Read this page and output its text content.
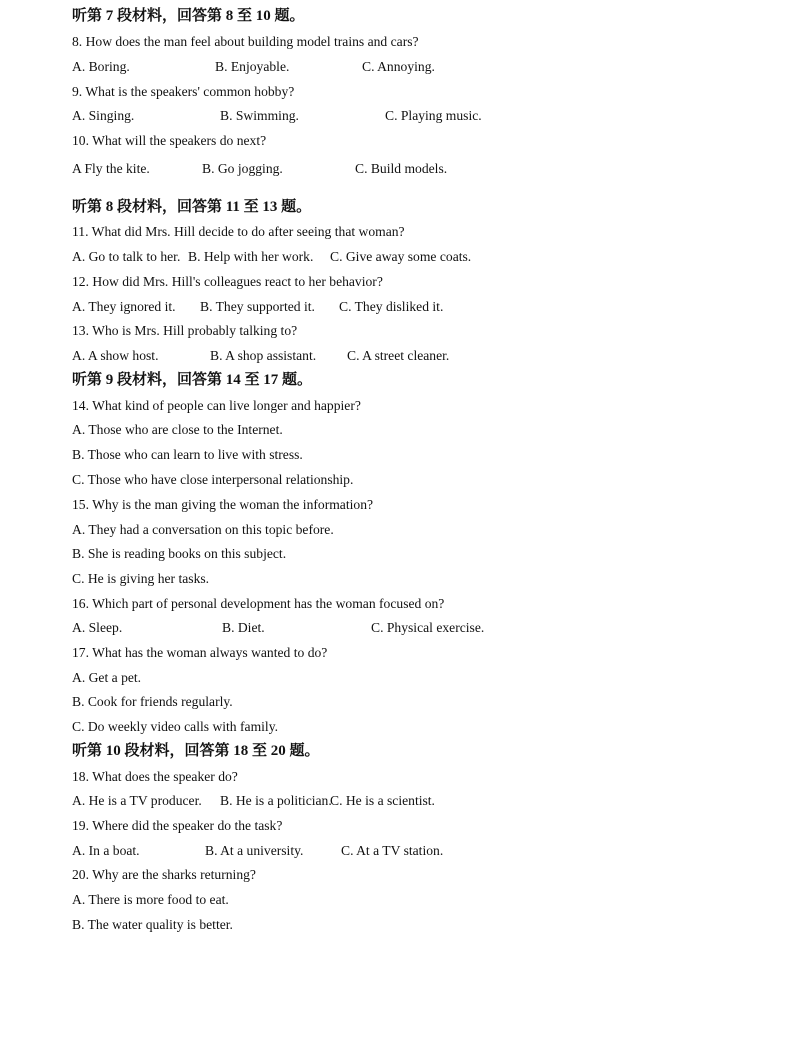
听第 7 段材料，回答第 8 至 10 题。
8. How does the man feel about building model trains and cars?
A. Boring.	B. Enjoyable.	C. Annoying.
9. What is the speakers' common hobby?
A. Singing.	B. Swimming.	C. Playing music.
10. What will the speakers do next?
A Fly the kite.	B. Go jogging.	C. Build models.
听第 8 段材料，回答第 11 至 13 题。
11. What did Mrs. Hill decide to do after seeing that woman?
A. Go to talk to her. B. Help with her work. C. Give away some coats.
12. How did Mrs. Hill's colleagues react to her behavior?
A. They ignored it. B. They supported it. C. They disliked it.
13. Who is Mrs. Hill probably talking to?
A. A show host.	B. A shop assistant. C. A street cleaner.
听第 9 段材料，回答第 14 至 17 题。
14. What kind of people can live longer and happier?
A. Those who are close to the Internet.
B. Those who can learn to live with stress.
C. Those who have close interpersonal relationship.
15. Why is the man giving the woman the information?
A. They had a conversation on this topic before.
B. She is reading books on this subject.
C. He is giving her tasks.
16. Which part of personal development has the woman focused on?
A. Sleep.	B. Diet.	C. Physical exercise.
17. What has the woman always wanted to do?
A. Get a pet.
B. Cook for friends regularly.
C. Do weekly video calls with family.
听第 10 段材料，回答第 18 至 20 题。
18. What does the speaker do?
A. He is a TV producer. B. He is a politician.
C. He is a scientist.
19. Where did the speaker do the task?
A. In a boat.	B. At a university.	C. At a TV station.
20. Why are the sharks returning?
A. There is more food to eat.
B. The water quality is better.
